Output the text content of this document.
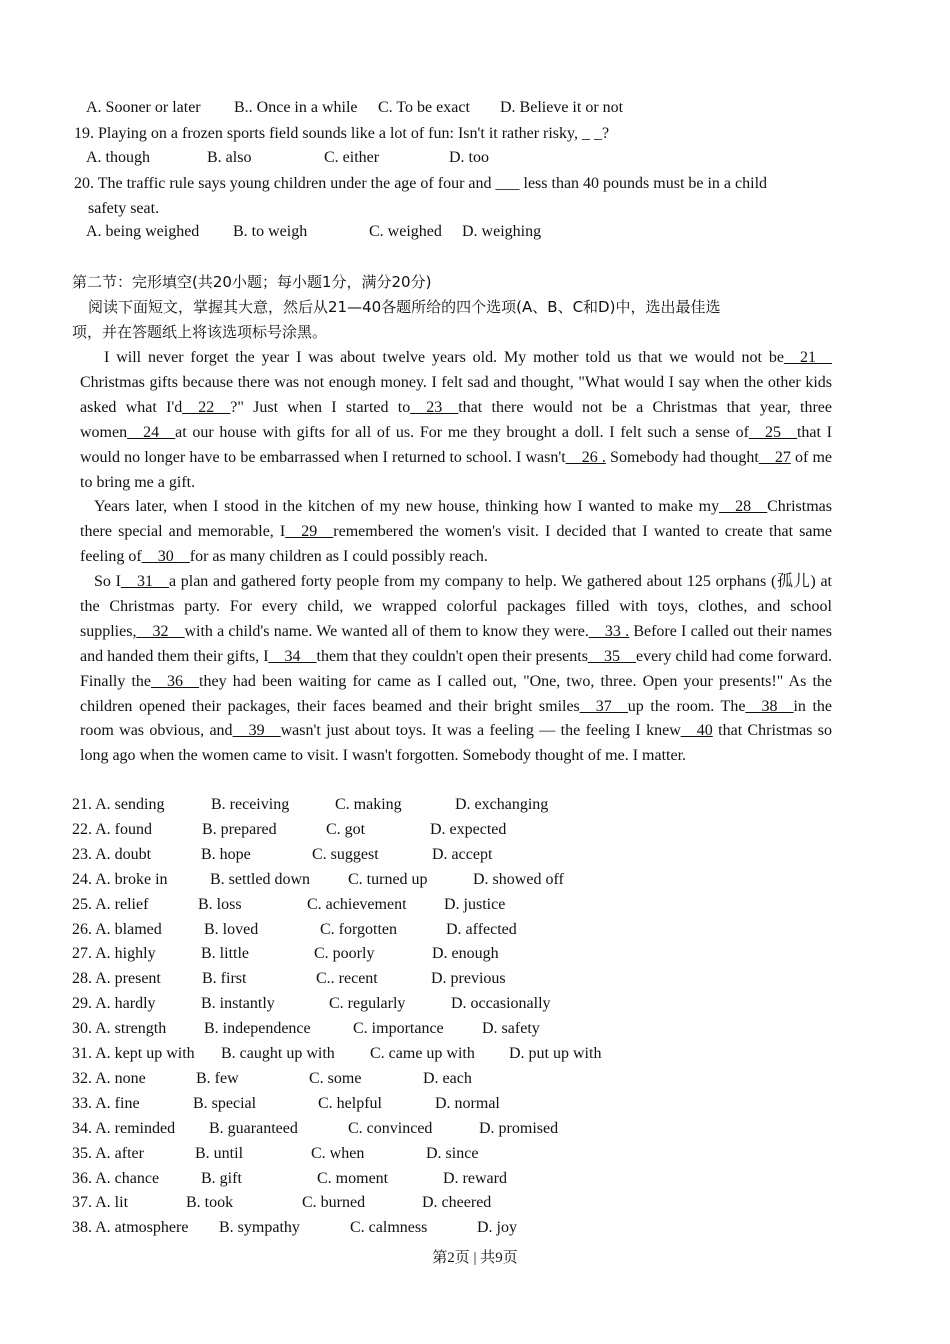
A. Sooner or later B.. Once in a while C. To be exact D. Believe it or not
19. Playing on a frozen sports field sounds like a lot of fun: Isn't it rather risky, _ _?
A. though	B. also	C. either	D. too
20. The traffic rule says young children under the age of four and ___ less than 40 pounds must be in a child
safety seat.
A. being weighed B. to weigh	C. weighed D. weighing
第二节：完形填空(共20小题；每小题1分，满分20分)
阅读下面短文，掌握其大意，然后从21—40各题所给的四个选项(A、B、C和D)中，选出最佳选
项，并在答题纸上将该选项标号涂黑。
I will never forget the year I was about twelve years old. My mother told us that we would not be__21__ Christmas gifts because there was not enough money. I felt sad and thought, "What would I say when the other kids asked what I'd__22__?" Just when I started to__23__that there would not be a Christmas that year, three women__24__at our house with gifts for all of us. For me they brought a doll. I felt such a sense of__25__that I would no longer have to be embarrassed when I returned to school. I wasn't__26 . Somebody had thought__27 of me to bring me a gift.
Years later, when I stood in the kitchen of my new house, thinking how I wanted to make my__28__Christmas there special and memorable, I__29__remembered the women's visit. I decided that I wanted to create that same feeling of__30__for as many children as I could possibly reach.
So I__31__a plan and gathered forty people from my company to help. We gathered about 125 orphans (孤儿) at the Christmas party. For every child, we wrapped colorful packages filled with toys, clothes, and school supplies,__32__with a child's name. We wanted all of them to know they were.__33 . Before I called out their names and handed them their gifts, I__34__them that they couldn't open their presents__35__every child had come forward. Finally the__36__they had been waiting for came as I called out, "One, two, three. Open your presents!" As the children opened their packages, their faces beamed and their bright smiles__37__up the room. The__38__in the room was obvious, and__39__wasn't just about toys. It was a feeling — the feeling I knew__40 that Christmas so long ago when the women came to visit. I wasn't forgotten. Somebody thought of me. I matter.
21. A. sending	B. receiving	C. making	D. exchanging
22. A. found	B. prepared	C. got	D. expected
23. A. doubt	B. hope	C. suggest	D. accept
24. A. broke in	B. settled down C. turned up	D. showed off
25. A. relief	B. loss	C. achievement D. justice
26. A. blamed	B. loved	C. forgotten	D. affected
27. A. highly	B. little	C. poorly	D. enough
28. A. present	B. first	C.. recent	D. previous
29. A. hardly	B. instantly	C. regularly	D. occasionally
30. A. strength B. independence	C. importance D. safety
31. A. kept up with B. caught up with C. came up with D. put up with
32. A. none	B. few	C. some	D. each
33. A. fine	B. special	C. helpful	D. normal
34. A. reminded B. guaranteed	C. convinced	D. promised
35. A. after	B. until	C. when	D. since
36. A. chance	B. gift	C. moment	D. reward
37. A. lit	B. took	C. burned	D. cheered
38. A. atmosphere B. sympathy	C. calmness	D. joy
第2页 | 共9页
